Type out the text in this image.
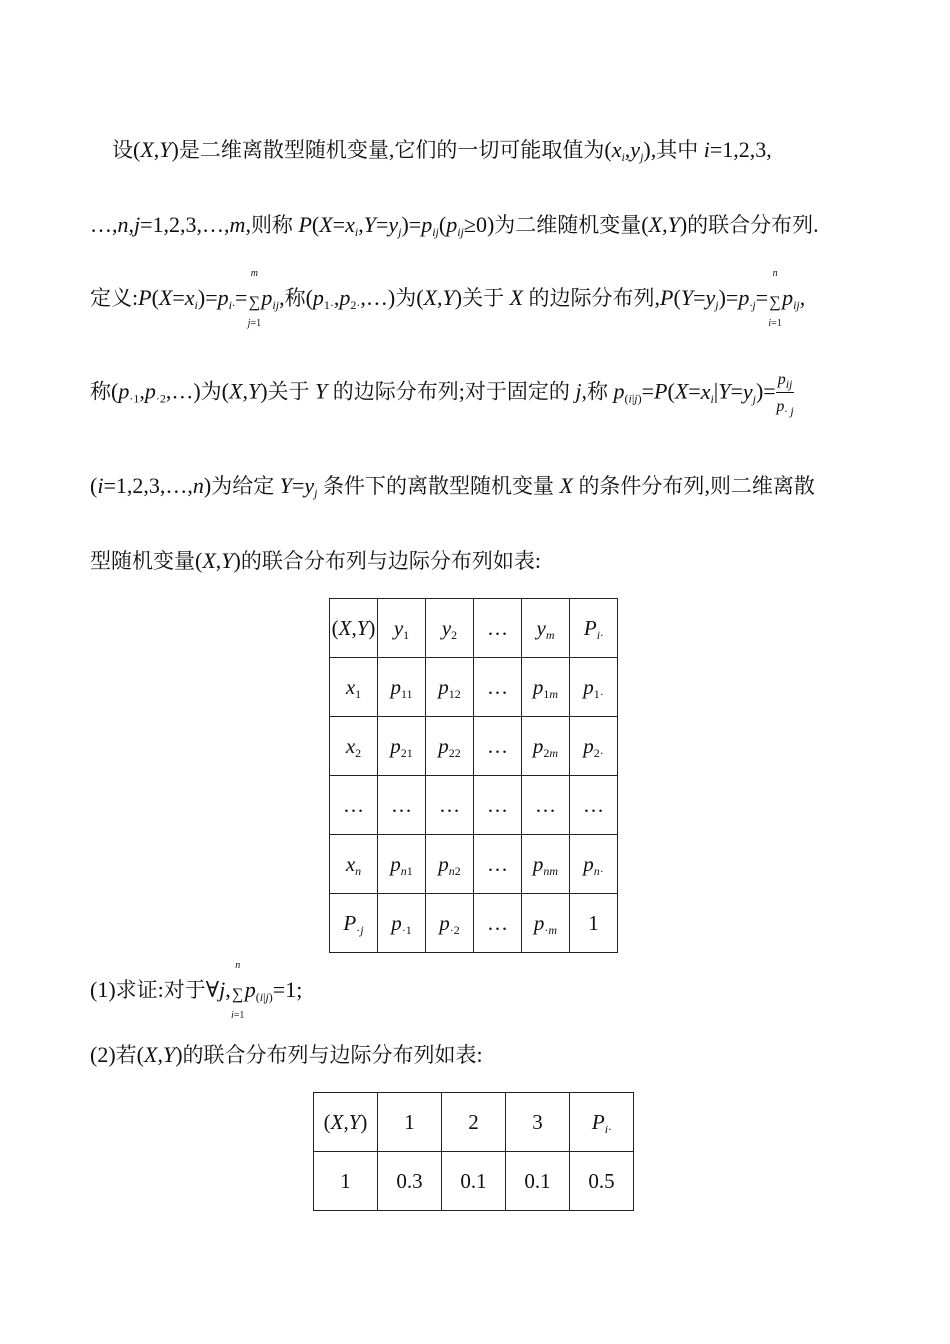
设(X,Y)是二维离散型随机变量,它们的一切可能取值为$(x_i,y_j)$,其中 i=1,2,3,
…,n,j=1,2,3,…,m,则称 $P(X=x_i,Y=y_j)=p_{ij}(p_{ij}\ge 0)$为二维随机变量(X,Y)的联合分布列.
定义$:P(X=x_i)=p_{i\cdot}=$
m
∑
j=1
$p_{ij}$,称$(p_{1\cdot},p_{2\cdot},\dots)$为(X,Y)关于 X 的边际分布列$,P(Y=y_j)=p_{\cdot j}=$
n
∑
i=1
$p_{ij}$,
称$(p_{\cdot 1},p_{\cdot 2},\dots)$为(X,Y)关于 Y 的边际分布列;对于固定的 j,称 $p_{(i|j)}=P(X=x_i|Y=y_j)= \frac{p_{ij}}{p_{\cdot j}}$
(i=1,2,3,…,n)为给定 $Y=y_j$ 条件下的离散型随机变量 X 的条件分布列,则二维离散
型随机变量(X,Y)的联合分布列与边际分布列如表:
(X,Y)	$y_1$	$y_2$	…	$y_m$	$P_{i\cdot}$
$x_1$	$p_{11}$	$p_{12}$	…	$p_{1m}$	$p_{1\cdot}$
$x_2$	$p_{21}$	$p_{22}$	…	$p_{2m}$	$p_{2\cdot}$
…	…	…	…	…	…
$x_n$	$p_{n1}$	$p_{n2}$	…	$p_{nm}$	$p_{n\cdot}$
$P_{\cdot j}$	$p_{\cdot 1}$	$p_{\cdot 2}$	…	$p_{\cdot m}$	1
(1)求证:对于∀j,
n
∑
i=1
$p_{(i|j)}=1$;
(2)若(X,Y)的联合分布列与边际分布列如表:
(X,Y)	1	2	3	$P_{i\cdot}$
1	0.3	0.1	0.1	0.5
